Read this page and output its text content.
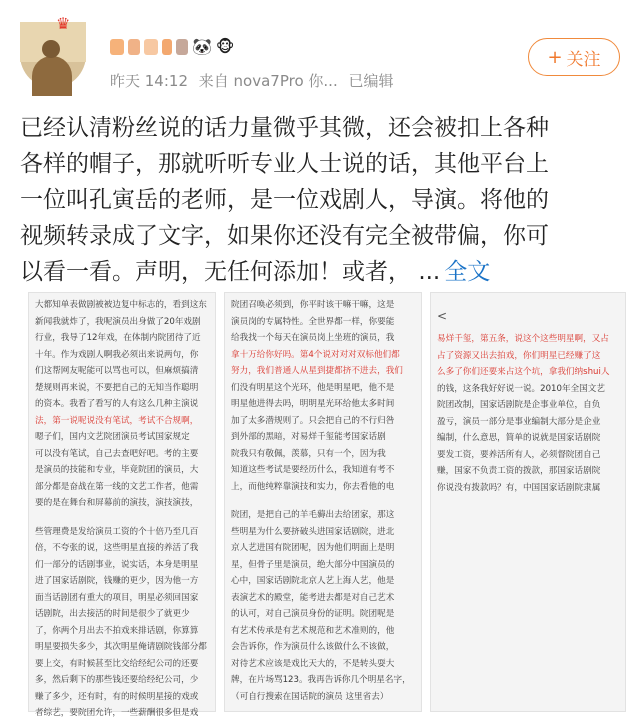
♛
🐼 🐵
昨天 14:12 来自 nova7Pro 你... 已编辑
+ 关注
已经认清粉丝说的话力量微乎其微，还会被扣上各种
各样的帽子，那就听听专业人士说的话，其他平台上
一位叫孔寅岳的老师，是一位戏剧人，导演。将他的
视频转录成了文字，如果你还没有完全被带偏，你可
以看一看。声明，无任何添加！或者， ... 全文

大都知单表做剧被被边复中标志的，看到这东

新闻我就炸了，我呢演员出身做了20年戏剧

行业，我导了12年戏，在体制内院团待了近

十年。作为戏剧人啊我必须出来说两句，你

们这帮网友呢能可以骂也可以，但麻烦搞清

楚规则再来说，不要把自己的无知当作聪明

的资本。我看了看写的人有这么几种主演说

法，第一说呢说没有笔试，考试不合规啊，

嗯子们，国内文艺院团演员考试国家规定

可以没有笔试，自己去查吧好吧。考的主要

是演员的技能和专业，毕竟院团的演员，大

部分都是奋战在第一线的文艺工作者，他需

要的是在舞台和屏幕前的演技，演技演技，

些管理费是发给演员工资的个十倍乃至几百

倍，不夸张的说，这些明星直接的养活了我

们一部分的话剧事业，说实话，本身是明星

进了国家话剧院，钱赚的更少，因为他一方

面当话剧团有重大的项目，明星必须回国家

话剧院，出去接活的时间是很少了就更少

了，你两个月出去不拍戏来排话剧，你算算

明星要损失多少，其次明星俺请剧院钱部分都

要上交，有时候甚至比交给经纪公司的还要

多，然后剩下的那些钱还要给经纪公司，少

赚了多少，还有时，有的时候明星接的戏或

者综艺，要院团允许，一些薪酬很多但是戏

院团召唤必须到，你平时该干嘛干嘛，这是

演员岗的专属特性。全世界都一样，你要能

给我找一个每天在演员岗上坐班的演员，我

拿十万给你好吗。第4个说对对对双标他们都

努力，我们普通人从星到捷都挤不进去，我们

们没有明星这个光环，他是明星吧，他不是

明星他进得去吗，明明星光环给他太多时间

加了太多潜规则了。只会把自己的不行归咎

到外部的黑暗，对易烊千玺能考国家话剧

院我只有敬佩，羡慕，只有一个，因为我

知道这些考试是要经历什么，我知道有考不

上，而他纯粹靠演技和实力，你去看他的电

院团，是把自己的羊毛薅出去给团家，那这

些明星为什么要挤破头进国家话剧院，进北

京人艺进国有院团呢，因为他们明面上是明

星，但骨子里是演员，绝大部分中国演员的

心中，国家话剧院北京人艺上海人艺，他是

表演艺术的殿堂，能考进去都是对自己艺术

的认可，对自己演员身份的证明。院团呢是

有艺术传承是有艺术规范和艺术准则的，他

会告诉你，作为演员什么该做什么不该做，

对待艺术应该是戏比天大的，不是转头耍大

牌，在片场骂123。我再告诉你几个明星名字，

（可自行搜索在国话院的演员 这里省去）

<

易烊千玺，第五条，说这个这些明星啊，又占

占了资源又出去拍戏，你们明星已经赚了这

么多了你们还要来占这个坑，拿我们纳shui人

的钱，这条我好好说一说。2010年全国文艺

院团改制，国家话剧院是企事业单位，自负

盈亏，演员一部分是事业编制大部分是企业

编制，什么意思，简单的说就是国家话剧院

要发工资，要养活所有人，必须督院团自己

赚，国家不负责工资的拨款，那国家话剧院

你说没有拨款吗？有，中国国家话剧院隶属
